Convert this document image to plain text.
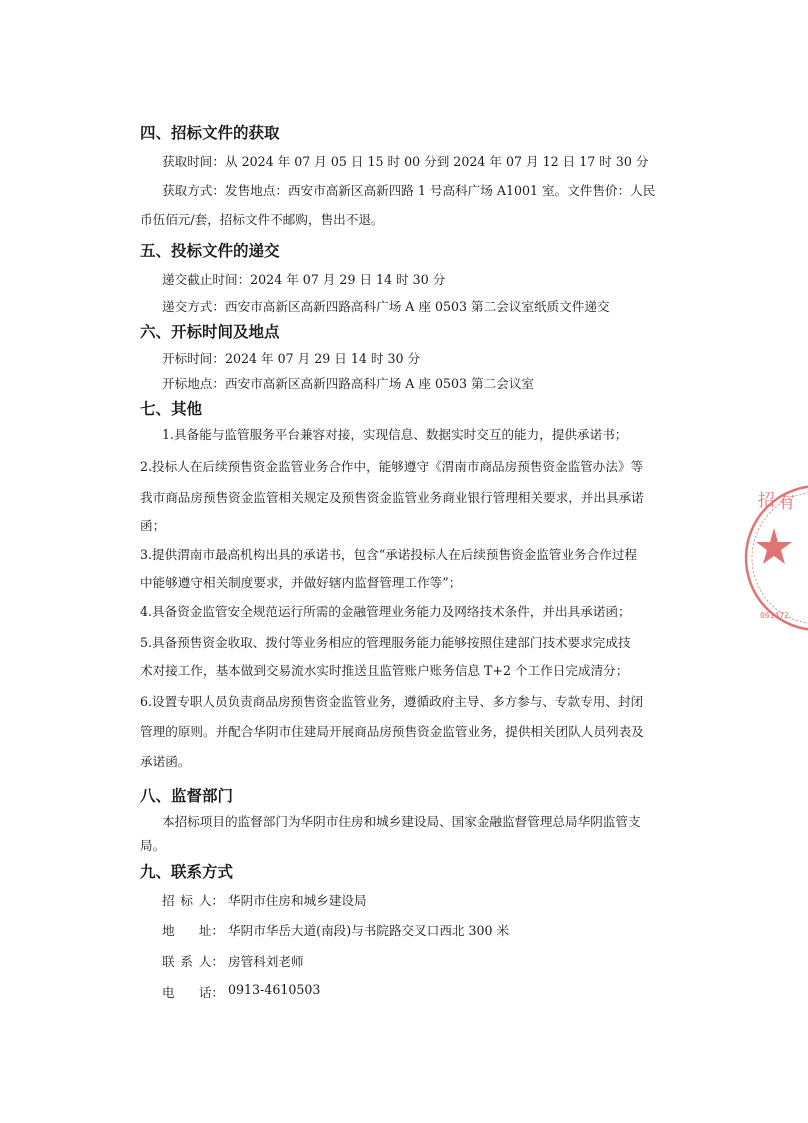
四、招标文件的获取
获取时间：从 2024 年 07 月 05 日 15 时 00 分到 2024 年 07 月 12 日 17 时 30 分
获取方式：发售地点：西安市高新区高新四路 1 号高科广场 A1001 室。文件售价：人民
币伍佰元/套，招标文件不邮购，售出不退。
五、投标文件的递交
递交截止时间：2024 年 07 月 29 日 14 时 30 分
递交方式：西安市高新区高新四路高科广场 A 座 0503 第二会议室纸质文件递交
六、开标时间及地点
开标时间：2024 年 07 月 29 日 14 时 30 分
开标地点：西安市高新区高新四路高科广场 A 座 0503 第二会议室
七、其他
1.具备能与监管服务平台兼容对接，实现信息、数据实时交互的能力，提供承诺书；
2.投标人在后续预售资金监管业务合作中，能够遵守《渭南市商品房预售资金监管办法》等
我市商品房预售资金监管相关规定及预售资金监管业务商业银行管理相关要求，并出具承诺
函；
3.提供渭南市最高机构出具的承诺书，包含“承诺投标人在后续预售资金监管业务合作过程
中能够遵守相关制度要求，并做好辖内监督管理工作等”；
4.具备资金监管安全规范运行所需的金融管理业务能力及网络技术条件，并出具承诺函；
5.具备预售资金收取、拨付等业务相应的管理服务能力能够按照住建部门技术要求完成技
术对接工作，基本做到交易流水实时推送且监管账户账务信息 T+2 个工作日完成清分；
6.设置专职人员负责商品房预售资金监管业务，遵循政府主导、多方参与、专款专用、封闭
管理的原则。并配合华阴市住建局开展商品房预售资金监管业务，提供相关团队人员列表及
承诺函。
八、监督部门
本招标项目的监督部门为华阴市住房和城乡建设局、国家金融监督管理总局华阴监管支
局。
九、联系方式
招 标 人： 华阴市住房和城乡建设局
地 址： 华阴市华岳大道(南段)与书院路交叉口西北 300 米
联 系 人： 房管科刘老师
电 话： 0913-4610503
招 有
061472
